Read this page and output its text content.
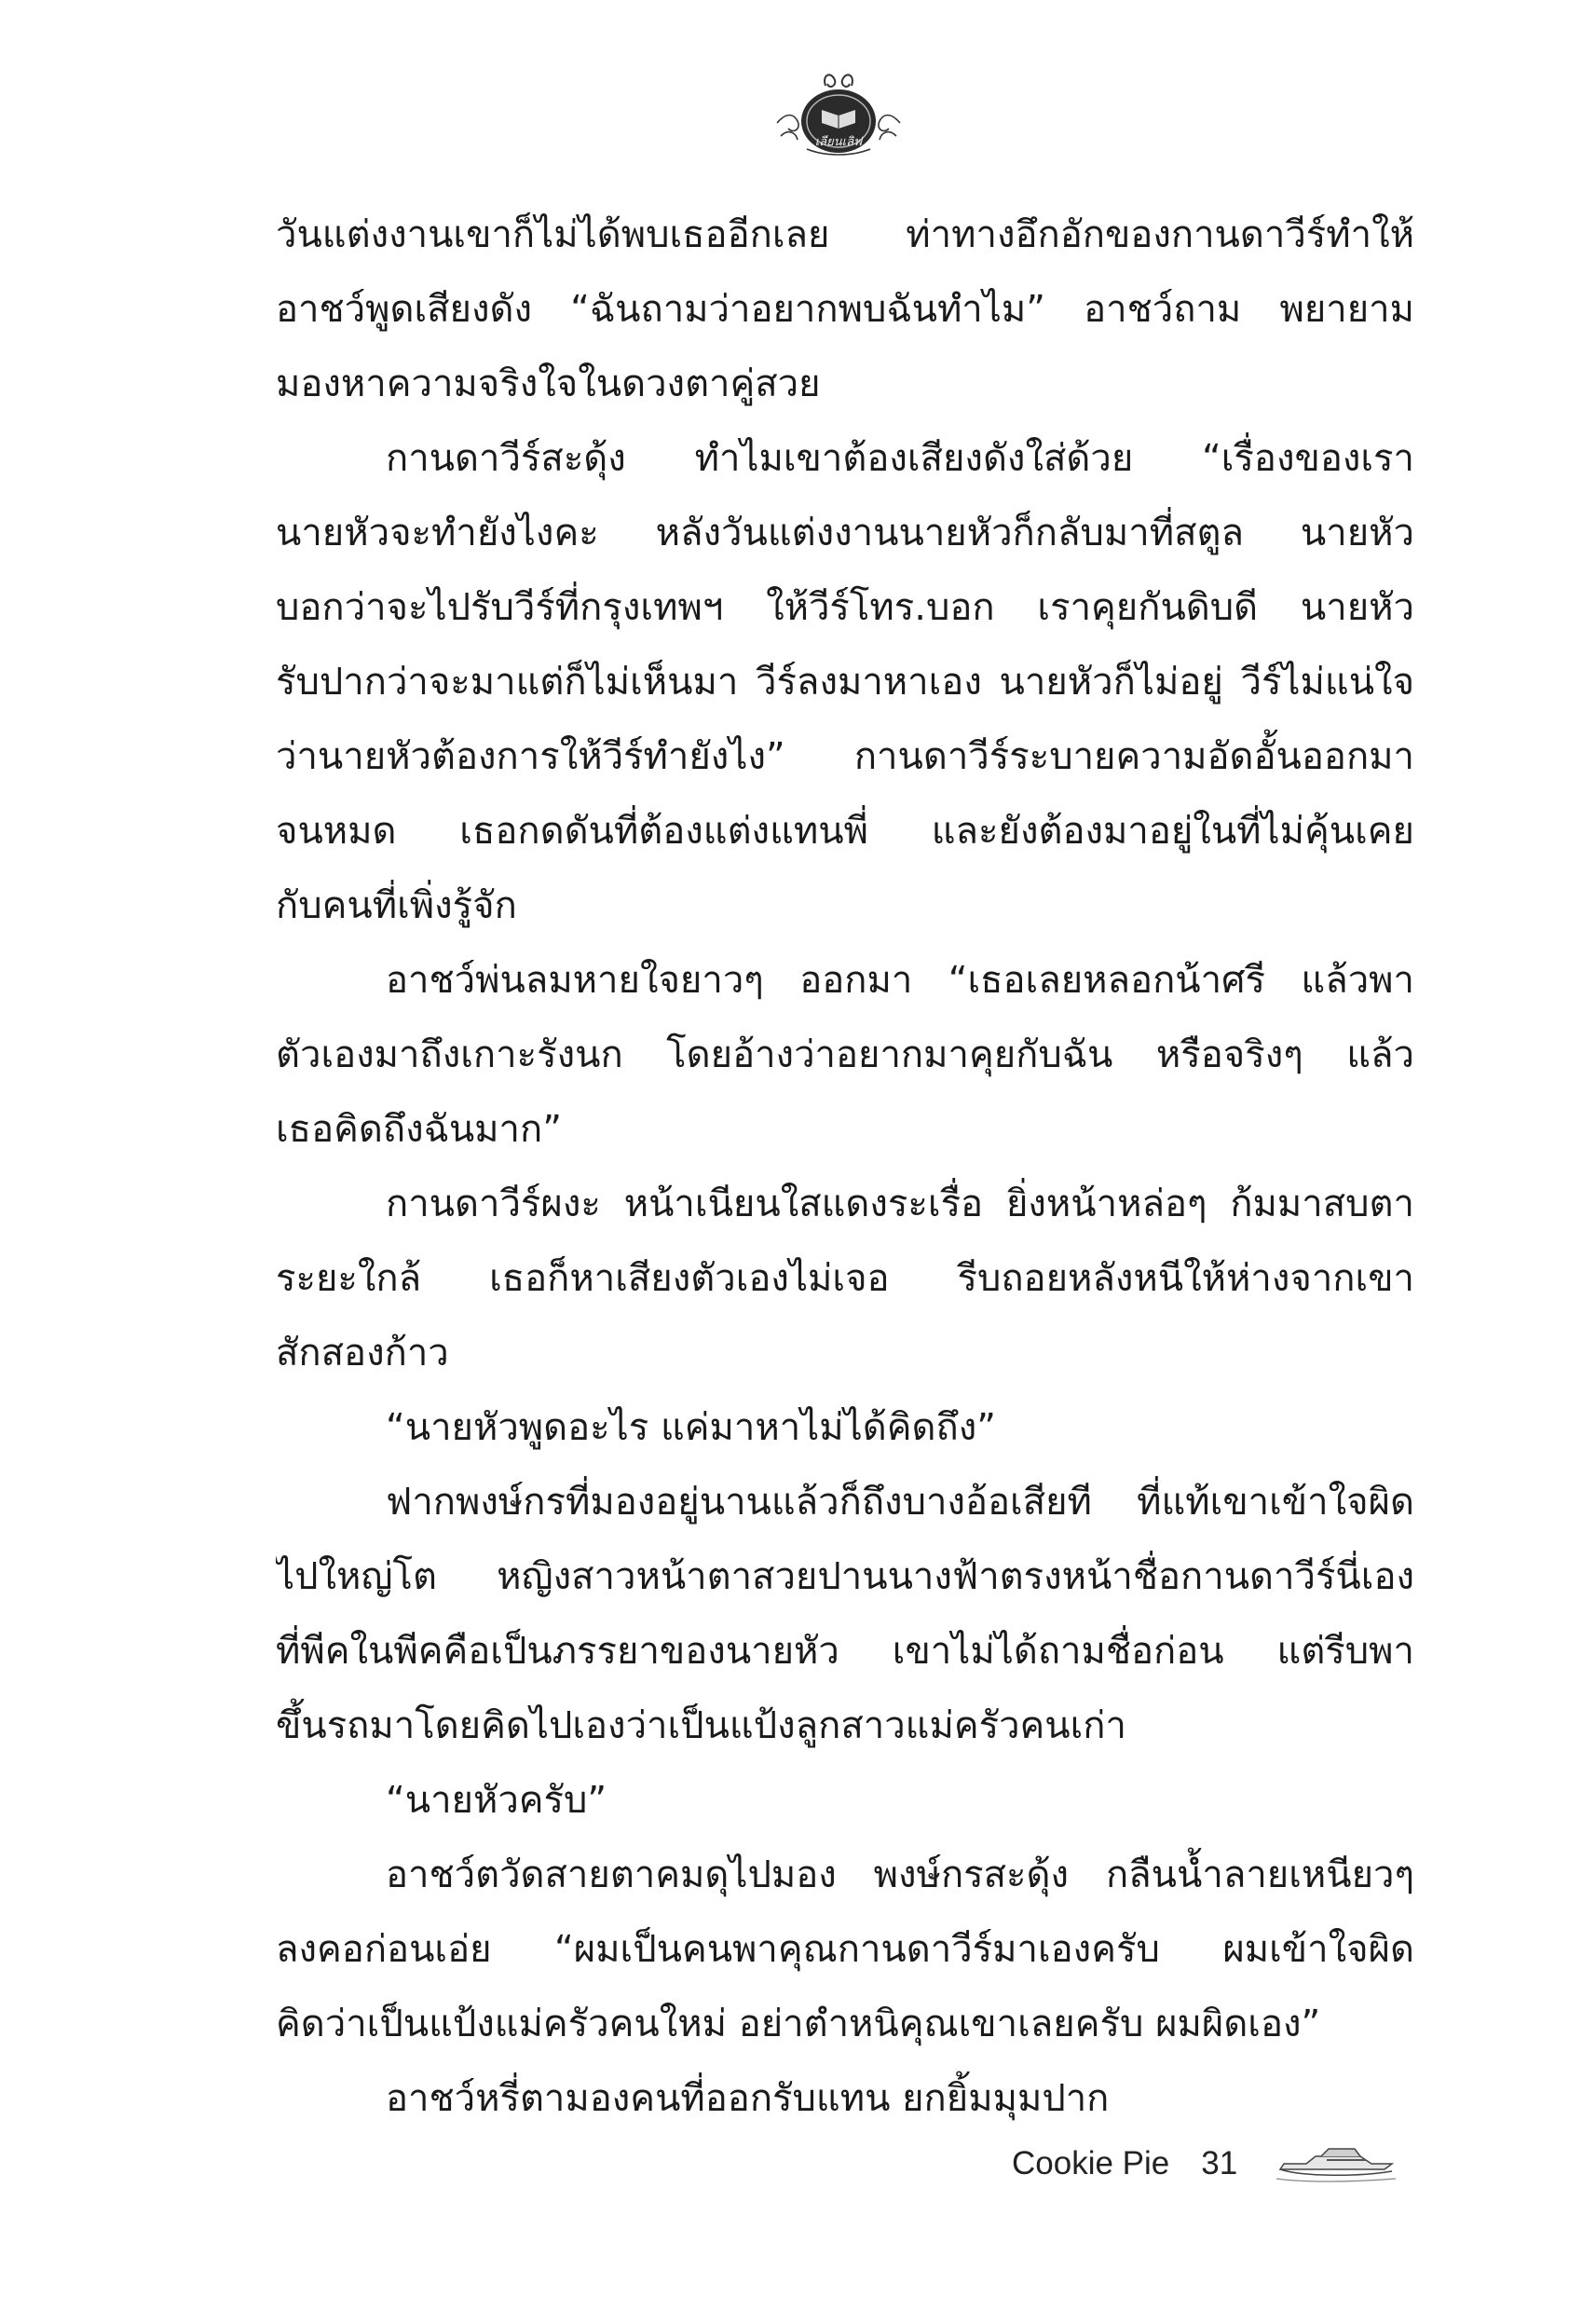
เลียนเลิฟ
วันแต่งงานเขาก็ไม่ได้พบเธออีกเลย ท่าทางอึกอักของกานดาวีร์ทำให้
อาชว์พูดเสียงดัง “ฉันถามว่าอยากพบฉันทำไม” อาชว์ถาม พยายาม
มองหาความจริงใจในดวงตาคู่สวย
กานดาวีร์สะดุ้ง ทำไมเขาต้องเสียงดังใส่ด้วย “เรื่องของเรา
นายหัวจะทำยังไงคะ หลังวันแต่งงานนายหัวก็กลับมาที่สตูล นายหัว
บอกว่าจะไปรับวีร์ที่กรุงเทพฯ ให้วีร์โทร.บอก เราคุยกันดิบดี นายหัว
รับปากว่าจะมาแต่ก็ไม่เห็นมา วีร์ลงมาหาเอง นายหัวก็ไม่อยู่ วีร์ไม่แน่ใจ
ว่านายหัวต้องการให้วีร์ทำยังไง” กานดาวีร์ระบายความอัดอั้นออกมา
จนหมด เธอกดดันที่ต้องแต่งแทนพี่ และยังต้องมาอยู่ในที่ไม่คุ้นเคย
กับคนที่เพิ่งรู้จัก
อาชว์พ่นลมหายใจยาวๆ ออกมา “เธอเลยหลอกน้าศรี แล้วพา
ตัวเองมาถึงเกาะรังนก โดยอ้างว่าอยากมาคุยกับฉัน หรือจริงๆ แล้ว
เธอคิดถึงฉันมาก”
กานดาวีร์ผงะ หน้าเนียนใสแดงระเรื่อ ยิ่งหน้าหล่อๆ ก้มมาสบตา
ระยะใกล้ เธอก็หาเสียงตัวเองไม่เจอ รีบถอยหลังหนีให้ห่างจากเขา
สักสองก้าว
“นายหัวพูดอะไร แค่มาหาไม่ได้คิดถึง”
ฟากพงษ์กรที่มองอยู่นานแล้วก็ถึงบางอ้อเสียที ที่แท้เขาเข้าใจผิด
ไปใหญ่โต หญิงสาวหน้าตาสวยปานนางฟ้าตรงหน้าชื่อกานดาวีร์นี่เอง
ที่พีคในพีคคือเป็นภรรยาของนายหัว เขาไม่ได้ถามชื่อก่อน แต่รีบพา
ขึ้นรถมาโดยคิดไปเองว่าเป็นแป้งลูกสาวแม่ครัวคนเก่า
“นายหัวครับ”
อาชว์ตวัดสายตาคมดุไปมอง พงษ์กรสะดุ้ง กลืนน้ำลายเหนียวๆ
ลงคอก่อนเอ่ย “ผมเป็นคนพาคุณกานดาวีร์มาเองครับ ผมเข้าใจผิด
คิดว่าเป็นแป้งแม่ครัวคนใหม่ อย่าตำหนิคุณเขาเลยครับ ผมผิดเอง”
อาชว์หรี่ตามองคนที่ออกรับแทน ยกยิ้มมุมปาก
Cookie Pie 31
